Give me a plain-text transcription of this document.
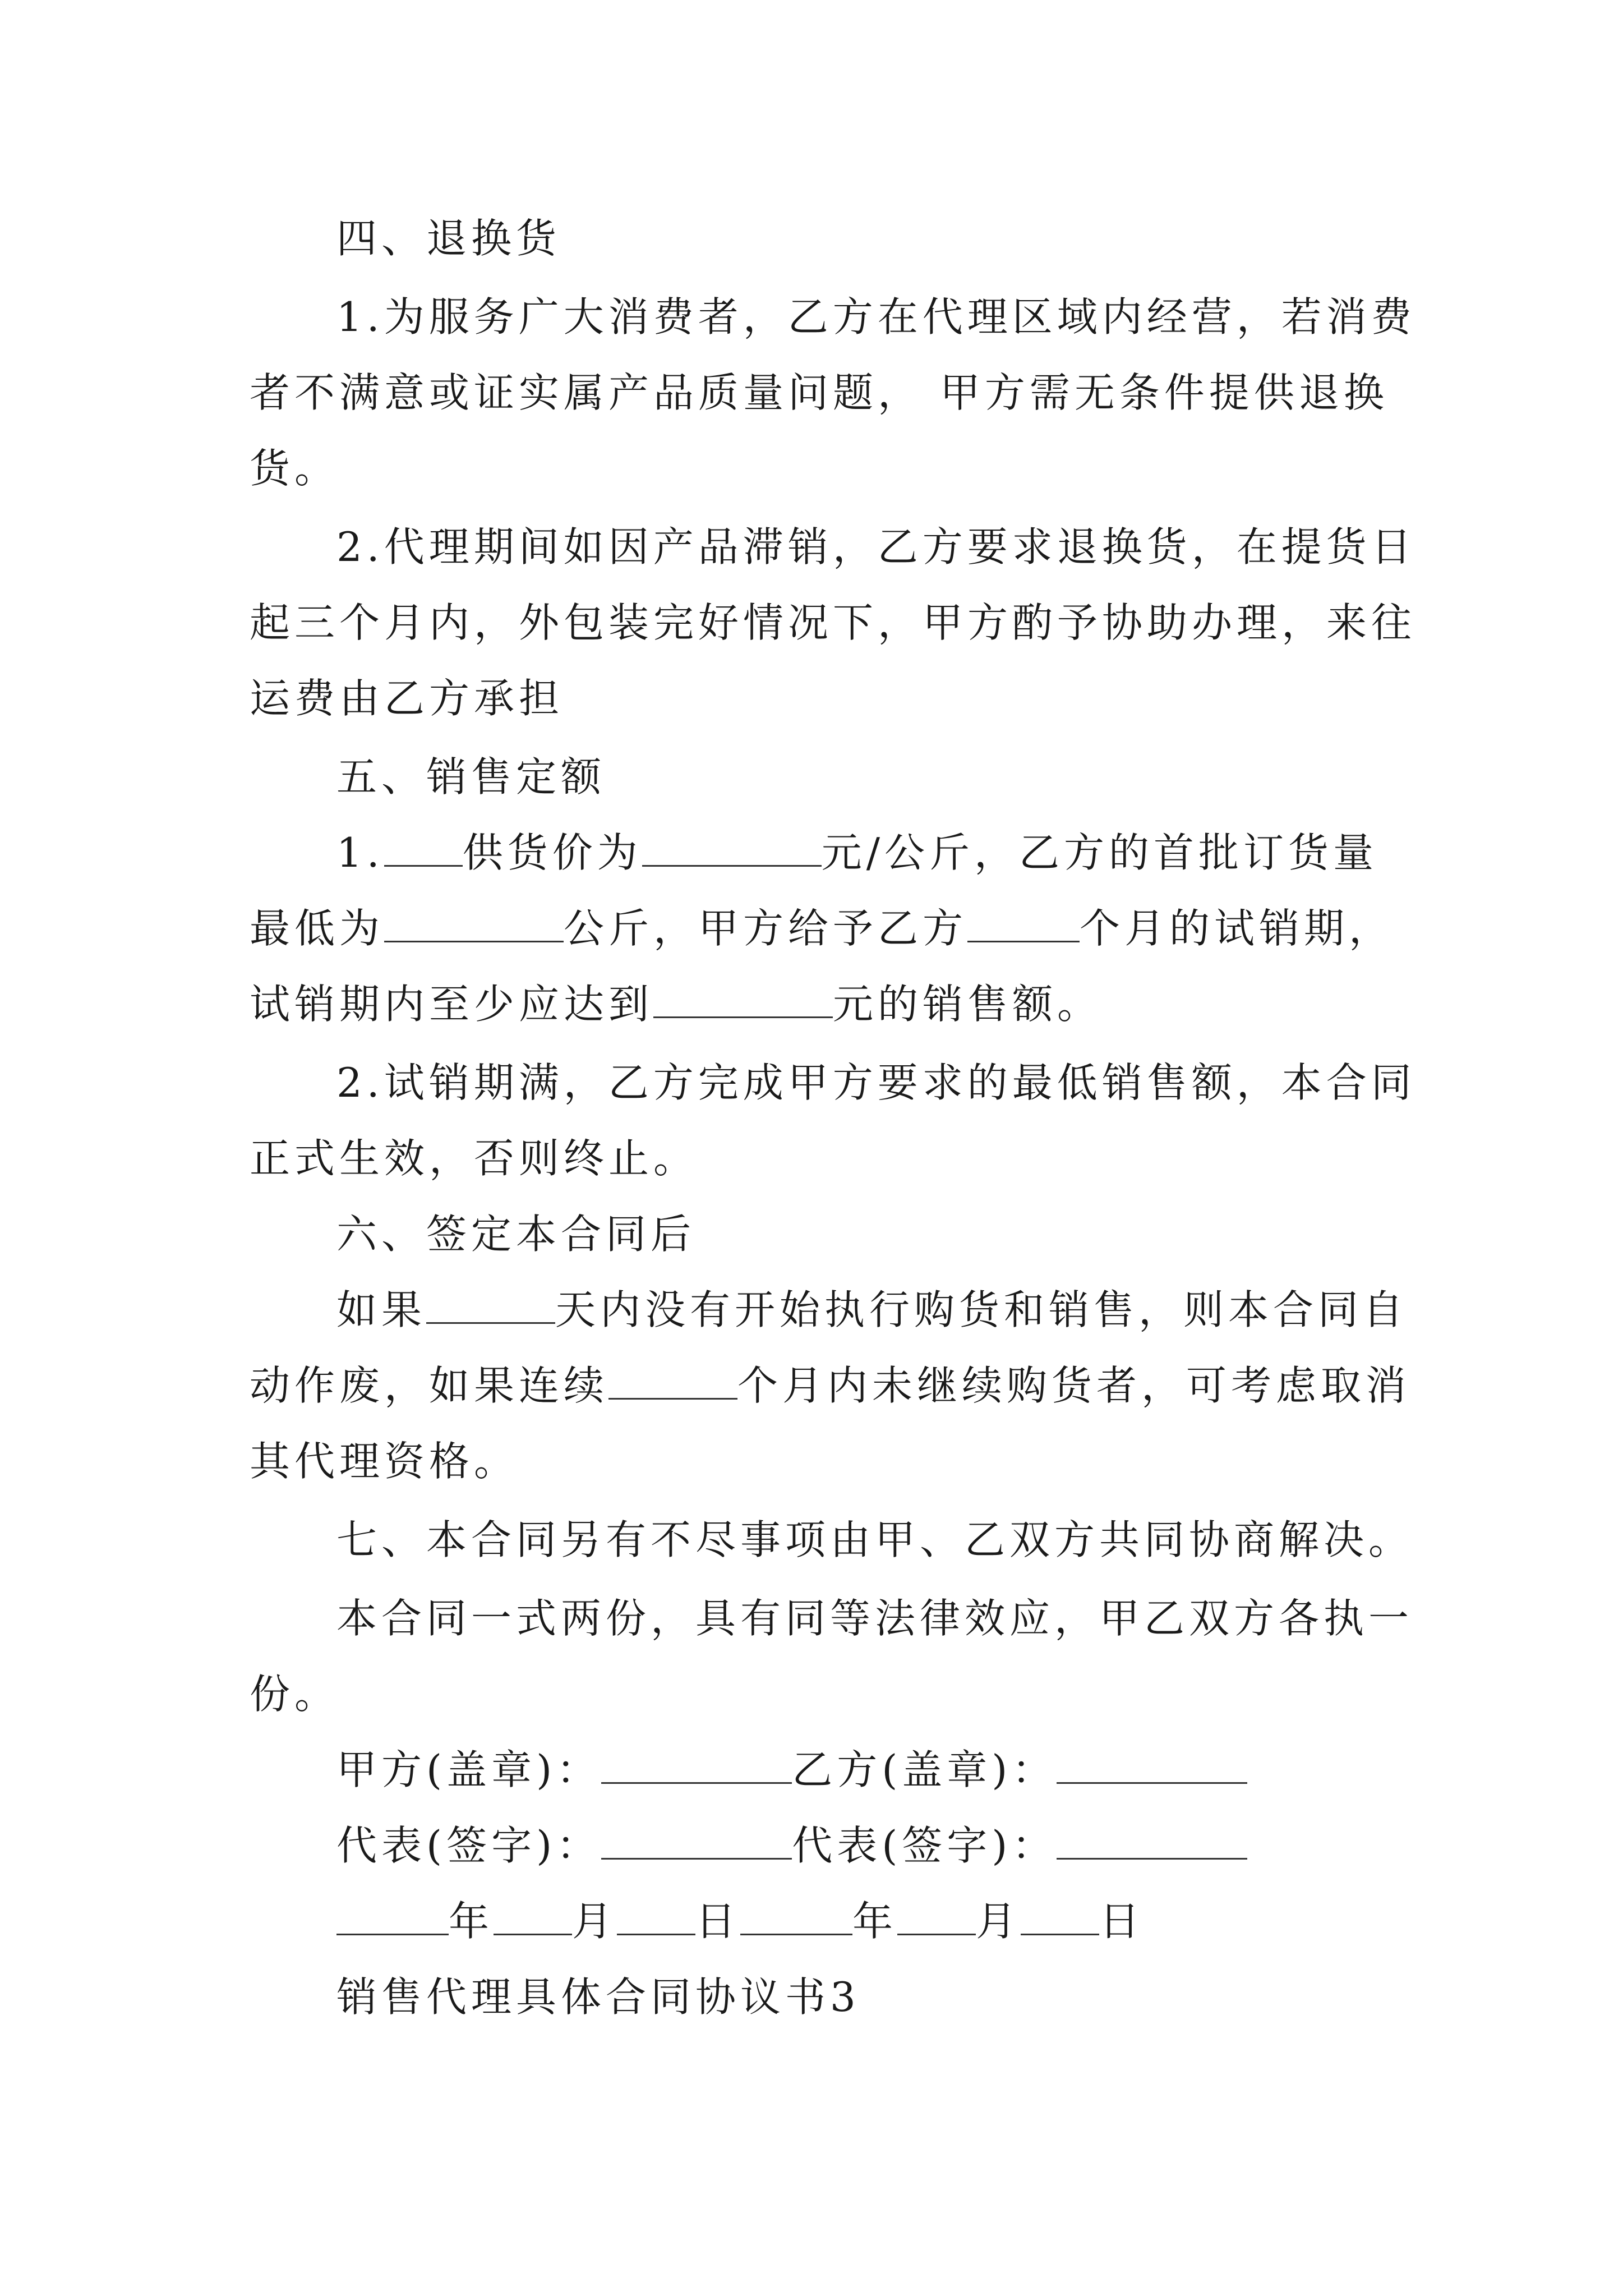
四、退换货
1.为服务广大消费者，乙方在代理区域内经营，若消费
者不满意或证实属产品质量问题， 甲方需无条件提供退换
货。
2.代理期间如因产品滞销，乙方要求退换货，在提货日
起三个月内，外包装完好情况下，甲方酌予协助办理，来往
运费由乙方承担
五、销售定额
1. 供货价为	元/公斤，乙方的首批订货量
最低为	公斤，甲方给予乙方	个月的试销期，
试销期内至少应达到	元的销售额。
2.试销期满，乙方完成甲方要求的最低销售额，本合同
正式生效，否则终止。
六、签定本合同后
如果	天内没有开始执行购货和销售，则本合同自
动作废，如果连续	个月内未继续购货者，可考虑取消
其代理资格。
七、本合同另有不尽事项由甲、乙双方共同协商解决。
本合同一式两份，具有同等法律效应，甲乙双方各执一
份。
甲方(盖章)：	乙方(盖章)：
代表(签字)：	代表(签字)：
年 月 日	年 月 日
销售代理具体合同协议书3
